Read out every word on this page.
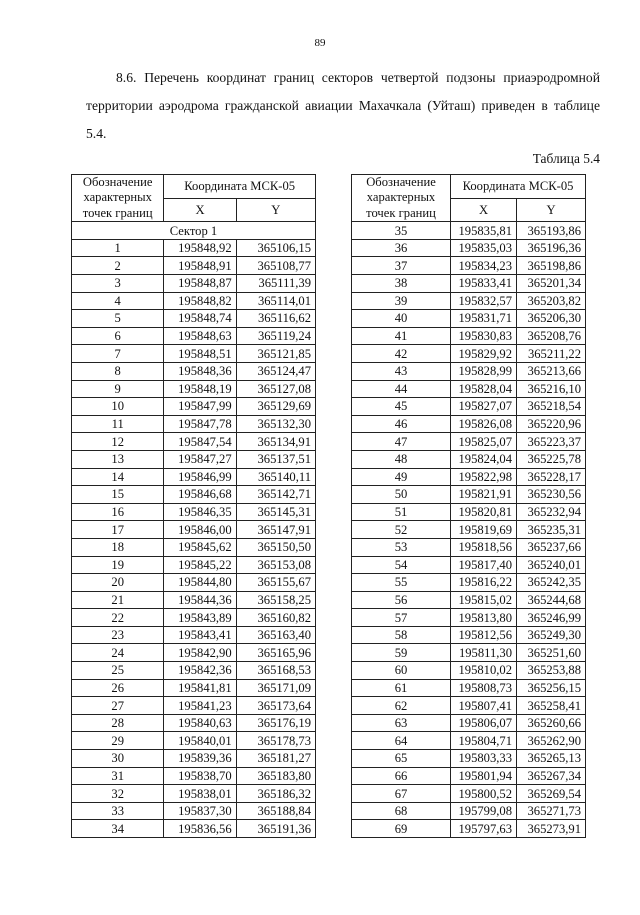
89
8.6. Перечень координат границ секторов четвертой подзоны приаэродромной территории аэродрома гражданской авиации Махачкала (Уйташ) приведен в таблице 5.4.
Таблица 5.4
Обозначение характерных точек границ	Координата МСК-05	
	X	Y
Сектор 1		
1	195848,92	365106,15
2	195848,91	365108,77
3	195848,87	365111,39
4	195848,82	365114,01
5	195848,74	365116,62
6	195848,63	365119,24
7	195848,51	365121,85
8	195848,36	365124,47
9	195848,19	365127,08
10	195847,99	365129,69
11	195847,78	365132,30
12	195847,54	365134,91
13	195847,27	365137,51
14	195846,99	365140,11
15	195846,68	365142,71
16	195846,35	365145,31
17	195846,00	365147,91
18	195845,62	365150,50
19	195845,22	365153,08
20	195844,80	365155,67
21	195844,36	365158,25
22	195843,89	365160,82
23	195843,41	365163,40
24	195842,90	365165,96
25	195842,36	365168,53
26	195841,81	365171,09
27	195841,23	365173,64
28	195840,63	365176,19
29	195840,01	365178,73
30	195839,36	365181,27
31	195838,70	365183,80
32	195838,01	365186,32
33	195837,30	365188,84
34	195836,56	365191,36
Обозначение характерных точек границ	Координата МСК-05	
	X	Y
35	195835,81	365193,86
36	195835,03	365196,36
37	195834,23	365198,86
38	195833,41	365201,34
39	195832,57	365203,82
40	195831,71	365206,30
41	195830,83	365208,76
42	195829,92	365211,22
43	195828,99	365213,66
44	195828,04	365216,10
45	195827,07	365218,54
46	195826,08	365220,96
47	195825,07	365223,37
48	195824,04	365225,78
49	195822,98	365228,17
50	195821,91	365230,56
51	195820,81	365232,94
52	195819,69	365235,31
53	195818,56	365237,66
54	195817,40	365240,01
55	195816,22	365242,35
56	195815,02	365244,68
57	195813,80	365246,99
58	195812,56	365249,30
59	195811,30	365251,60
60	195810,02	365253,88
61	195808,73	365256,15
62	195807,41	365258,41
63	195806,07	365260,66
64	195804,71	365262,90
65	195803,33	365265,13
66	195801,94	365267,34
67	195800,52	365269,54
68	195799,08	365271,73
69	195797,63	365273,91
